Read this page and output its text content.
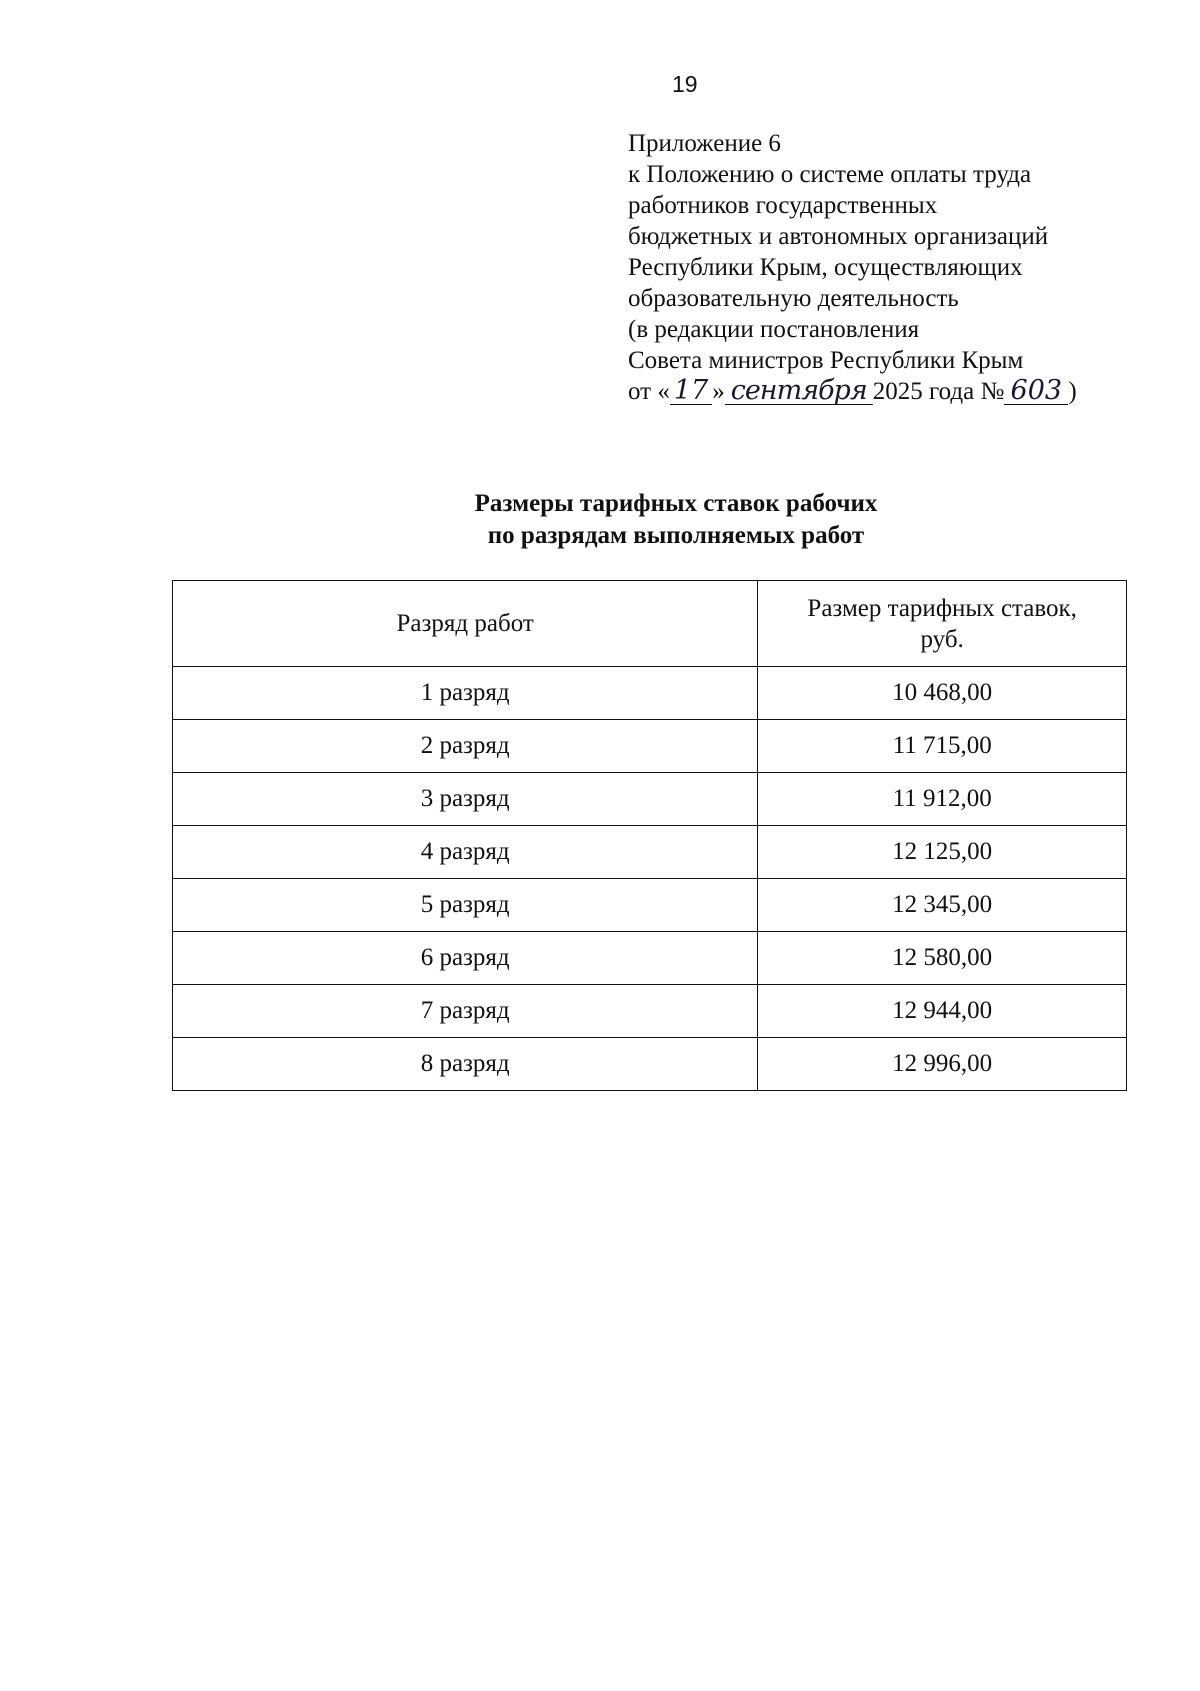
19
Приложение 6
к Положению о системе оплаты труда
работников государственных
бюджетных и автономных организаций
Республики Крым, осуществляющих
образовательную деятельность
(в редакции постановления
Совета министров Республики Крым
от « 17 » сентября 2025 года № 603 )
Размеры тарифных ставок рабочих
по разрядам выполняемых работ
Разряд работ	Размер тарифных ставок,
руб.

1 разряд	10 468,00
2 разряд	11 715,00
3 разряд	11 912,00
4 разряд	12 125,00
5 разряд	12 345,00
6 разряд	12 580,00
7 разряд	12 944,00
8 разряд	12 996,00
